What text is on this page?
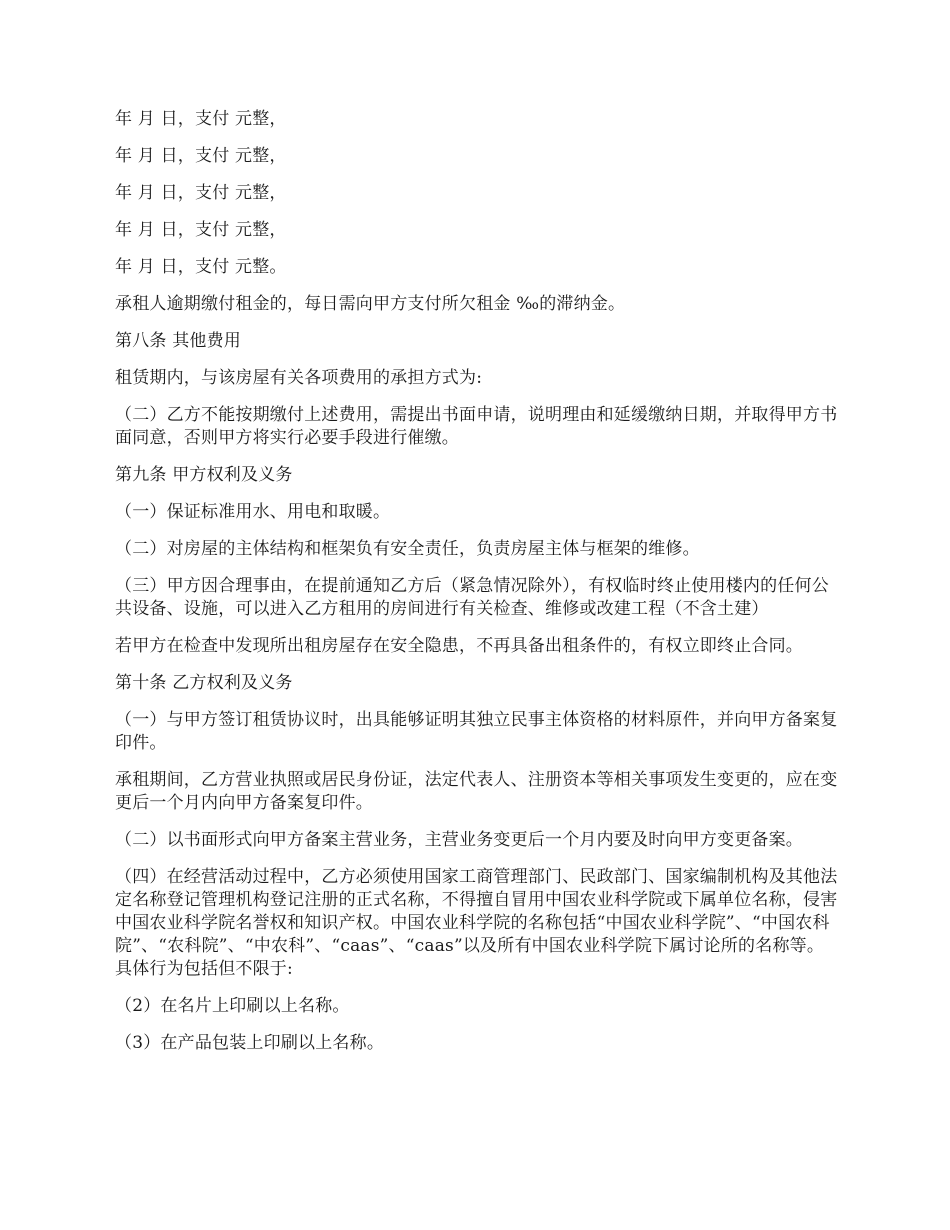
年 月 日，支付 元整，

年 月 日，支付 元整，

年 月 日，支付 元整，

年 月 日，支付 元整，

年 月 日，支付 元整。

承租人逾期缴付租金的，每日需向甲方支付所欠租金 ‰的滞纳金。

第八条 其他费用

租赁期内，与该房屋有关各项费用的承担方式为:

（二）乙方不能按期缴付上述费用，需提出书面申请，说明理由和延缓缴纳日期，并取得甲方书面同意，否则甲方将实行必要手段进行催缴。

第九条 甲方权利及义务

（一）保证标准用水、用电和取暖。

（二）对房屋的主体结构和框架负有安全责任，负责房屋主体与框架的维修。

（三）甲方因合理事由，在提前通知乙方后（紧急情况除外），有权临时终止使用楼内的任何公共设备、设施，可以进入乙方租用的房间进行有关检查、维修或改建工程（不含土建）

若甲方在检查中发现所出租房屋存在安全隐患，不再具备出租条件的，有权立即终止合同。

第十条 乙方权利及义务

（一）与甲方签订租赁协议时，出具能够证明其独立民事主体资格的材料原件，并向甲方备案复印件。

承租期间，乙方营业执照或居民身份证，法定代表人、注册资本等相关事项发生变更的，应在变更后一个月内向甲方备案复印件。

（二）以书面形式向甲方备案主营业务，主营业务变更后一个月内要及时向甲方变更备案。

（四）在经营活动过程中，乙方必须使用国家工商管理部门、民政部门、国家编制机构及其他法定名称登记管理机构登记注册的正式名称，不得擅自冒用中国农业科学院或下属单位名称，侵害中国农业科学院名誉权和知识产权。中国农业科学院的名称包括“中国农业科学院”、“中国农科院”、“农科院”、“中农科”、“caas”、“caas”以及所有中国农业科学院下属讨论所的名称等。具体行为包括但不限于:

（2）在名片上印刷以上名称。

（3）在产品包装上印刷以上名称。
